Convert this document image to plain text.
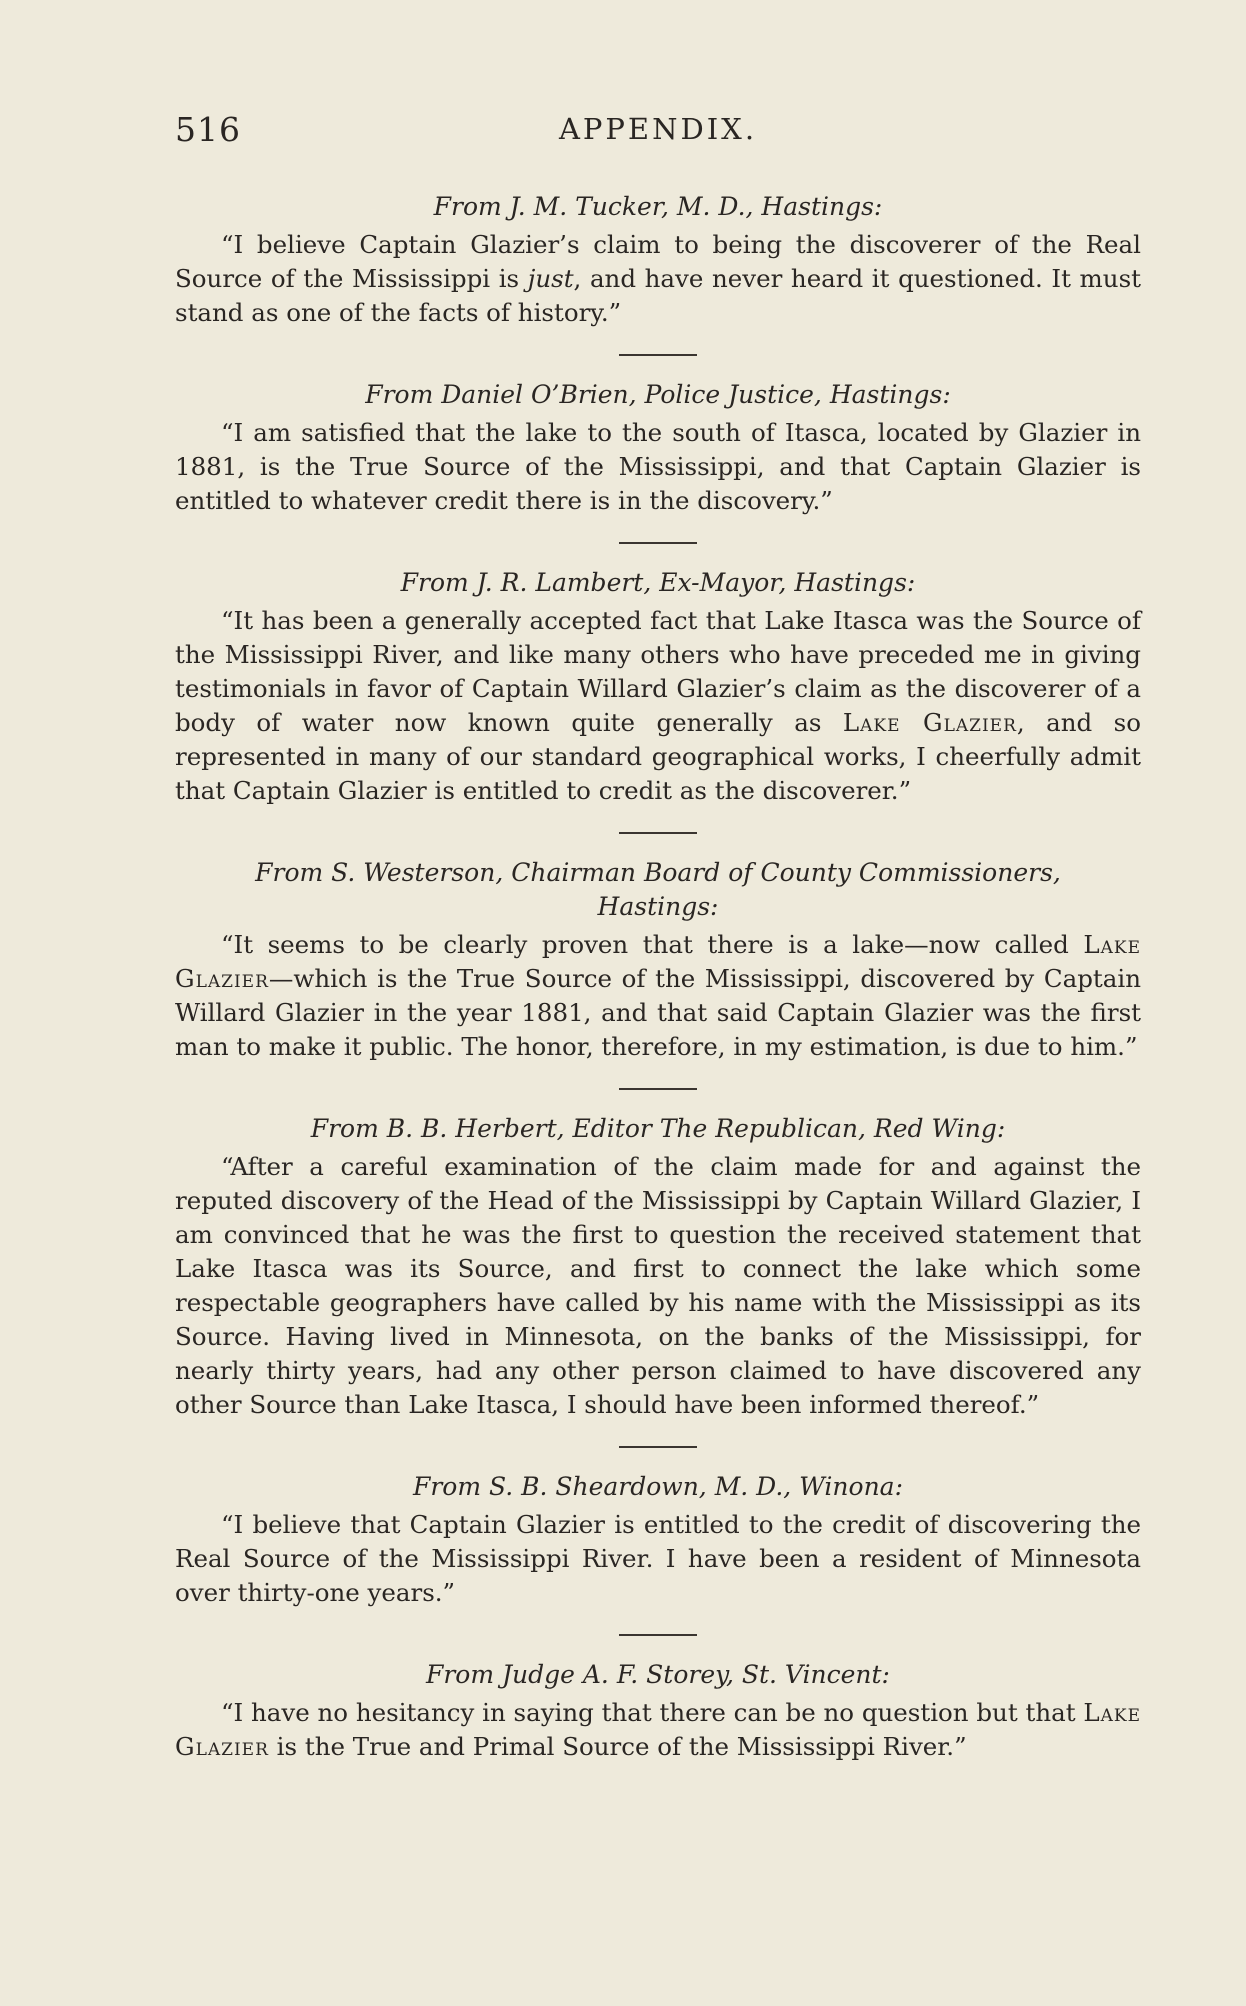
516	APPENDIX.

From J. M. Tucker, M. D., Hastings:

“I believe Captain Glazier’s claim to being the discoverer of the Real Source of the Mississippi is just, and have never heard it questioned. It must stand as one of the facts of history.”

From Daniel O’Brien, Police Justice, Hastings:

“I am satisfied that the lake to the south of Itasca, located by Glazier in 1881, is the True Source of the Mississippi, and that Captain Glazier is entitled to whatever credit there is in the discovery.”

From J. R. Lambert, Ex-Mayor, Hastings:

“It has been a generally accepted fact that Lake Itasca was the Source of the Mississippi River, and like many others who have preceded me in giving testimonials in favor of Captain Willard Glazier’s claim as the discoverer of a body of water now known quite generally as Lake Glazier, and so represented in many of our standard geographical works, I cheerfully admit that Captain Glazier is entitled to credit as the discoverer.”

From S. Westerson, Chairman Board of County Commissioners, Hastings:

“It seems to be clearly proven that there is a lake—now called Lake Glazier—which is the True Source of the Mississippi, discovered by Captain Willard Glazier in the year 1881, and that said Captain Glazier was the first man to make it public. The honor, therefore, in my estimation, is due to him.”

From B. B. Herbert, Editor The Republican, Red Wing:

“After a careful examination of the claim made for and against the reputed discovery of the Head of the Mississippi by Captain Willard Glazier, I am convinced that he was the first to question the received statement that Lake Itasca was its Source, and first to connect the lake which some respectable geographers have called by his name with the Mississippi as its Source. Having lived in Minnesota, on the banks of the Mississippi, for nearly thirty years, had any other person claimed to have discovered any other Source than Lake Itasca, I should have been informed thereof.”

From S. B. Sheardown, M. D., Winona:

“I believe that Captain Glazier is entitled to the credit of discovering the Real Source of the Mississippi River. I have been a resident of Minnesota over thirty-one years.”

From Judge A. F. Storey, St. Vincent:

“I have no hesitancy in saying that there can be no question but that Lake Glazier is the True and Primal Source of the Mississippi River.”
